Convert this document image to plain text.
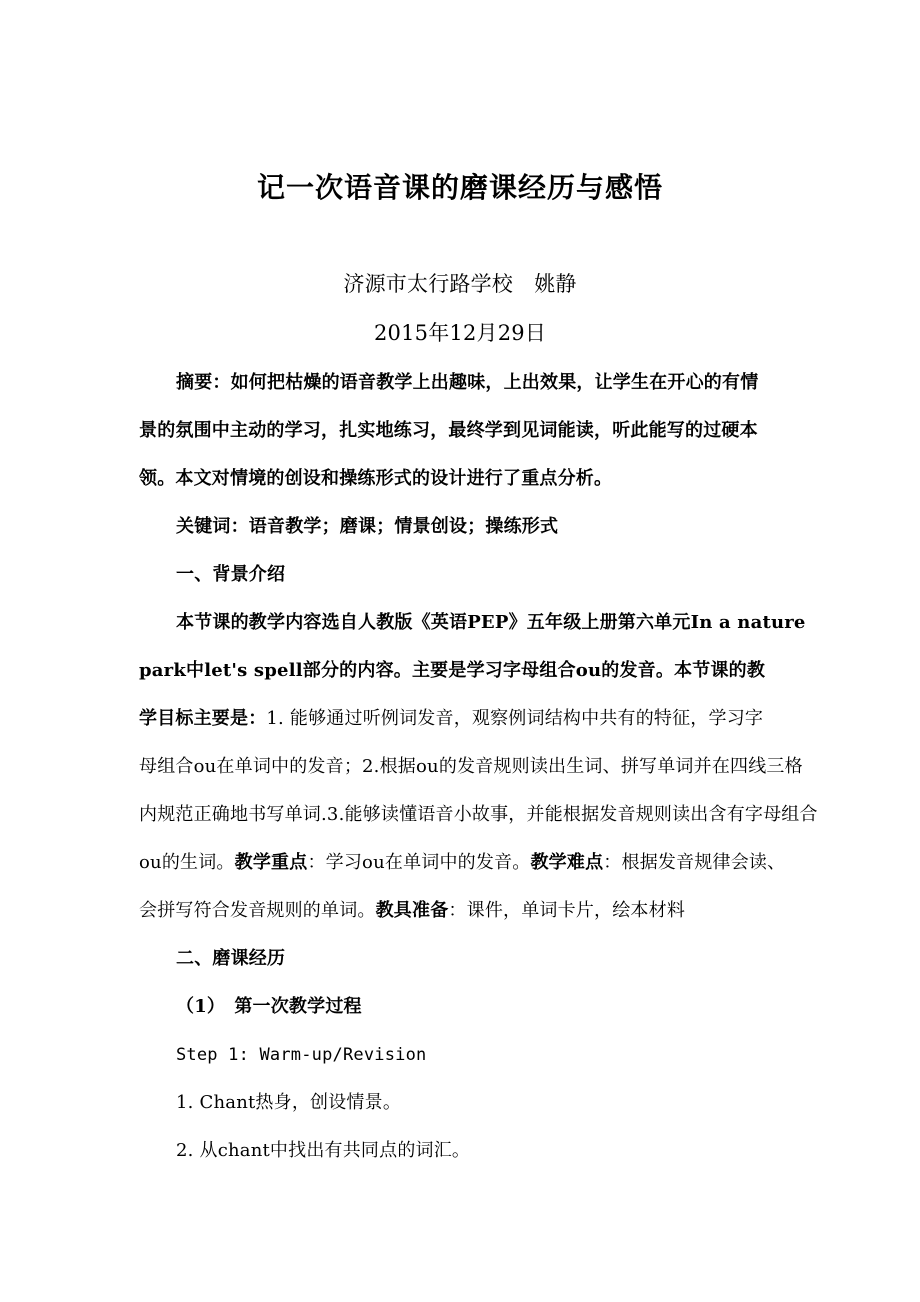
记一次语音课的磨课经历与感悟
济源市太行路学校　姚静
2015年12月29日
摘要：如何把枯燥的语音教学上出趣味，上出效果，让学生在开心的有情
景的氛围中主动的学习，扎实地练习，最终学到见词能读，听此能写的过硬本
领。本文对情境的创设和操练形式的设计进行了重点分析。
关键词：语音教学；磨课；情景创设；操练形式
一、背景介绍
本节课的教学内容选自人教版《英语PEP》五年级上册第六单元In a nature
park中let's spell部分的内容。主要是学习字母组合ou的发音。本节课的教
学目标主要是：1. 能够通过听例词发音，观察例词结构中共有的特征，学习字
母组合ou在单词中的发音；2.根据ou的发音规则读出生词、拼写单词并在四线三格
内规范正确地书写单词.3.能够读懂语音小故事，并能根据发音规则读出含有字母组合
ou的生词。教学重点：学习ou在单词中的发音。教学难点：根据发音规律会读、
会拼写符合发音规则的单词。教具准备：课件，单词卡片，绘本材料
二、磨课经历
（1）　第一次教学过程
Step 1: Warm-up/Revision
1. Chant热身，创设情景。
2. 从chant中找出有共同点的词汇。
